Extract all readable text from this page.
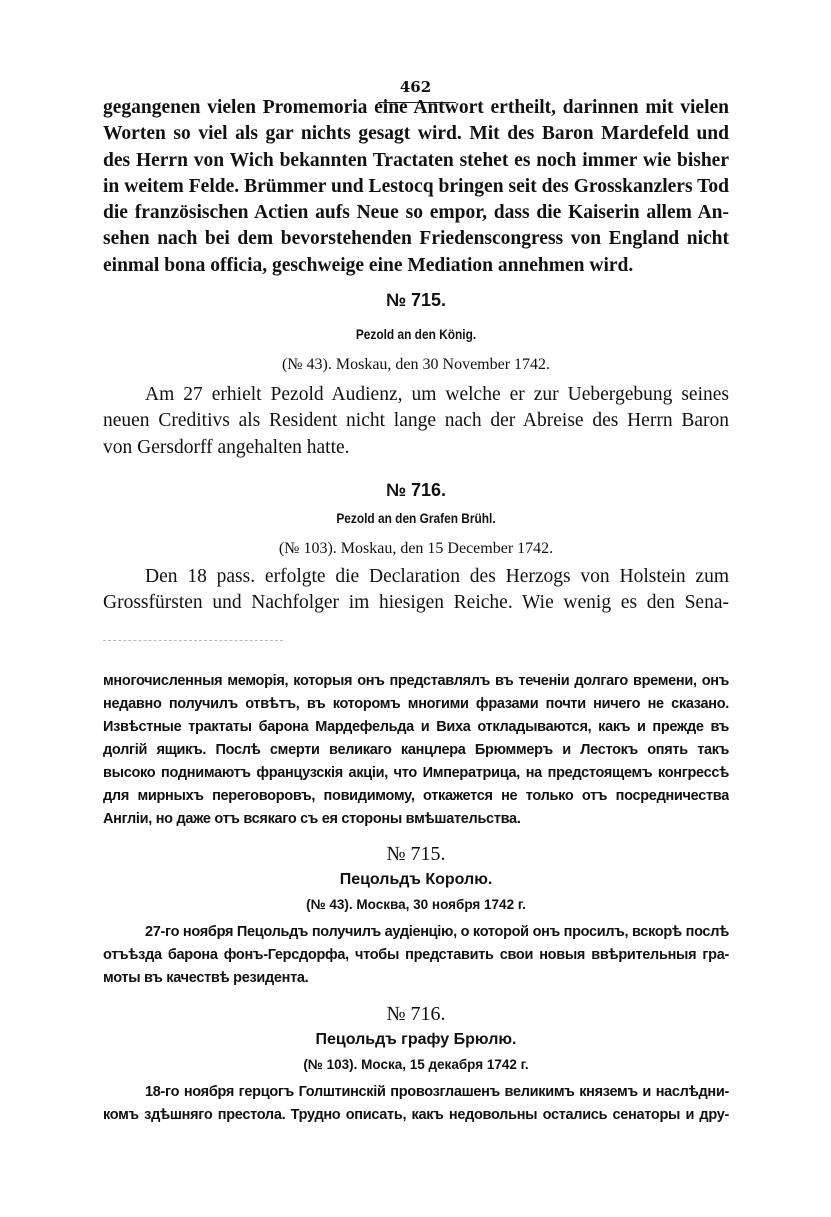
462
gegangenen vielen Promemoria eine Antwort ertheilt, darinnen mit vielen
Worten so viel als gar nichts gesagt wird. Mit des Baron Mardefeld und
des Herrn von Wich bekannten Tractaten stehet es noch immer wie bisher
in weitem Felde. Brümmer und Lestocq bringen seit des Grosskanzlers Tod
die französischen Actien aufs Neue so empor, dass die Kaiserin allem An-
sehen nach bei dem bevorstehenden Friedenscongress von England nicht
einmal bona officia, geschweige eine Mediation annehmen wird.
№ 715.
Pezold an den König.
(№ 43). Moskau, den 30 November 1742.
Am 27 erhielt Pezold Audienz, um welche er zur Uebergebung seines
neuen Creditivs als Resident nicht lange nach der Abreise des Herrn Baron
von Gersdorff angehalten hatte.
№ 716.
Pezold an den Grafen Brühl.
(№ 103). Moskau, den 15 December 1742.
Den 18 pass. erfolgte die Declaration des Herzogs von Holstein zum
Grossfürsten und Nachfolger im hiesigen Reiche. Wie wenig es den Sena-
многочисленныя меморія, которыя онъ представлялъ въ теченіи долгаго времени, онъ
недавно получилъ отвѣтъ, въ которомъ многими фразами почти ничего не сказано.
Извѣстные трактаты барона Мардефельда и Виха откладываются, какъ и прежде въ
долгій ящикъ. Послѣ смерти великаго канцлера Брюммеръ и Лестокъ опять такъ
высоко поднимаютъ французскія акціи, что Императрица, на предстоящемъ конгрессѣ
для мирныхъ переговоровъ, повидимому, откажется не только отъ посредничества
Англіи, но даже отъ всякаго съ ея стороны вмѣшательства.
№ 715.
Пецольдъ Королю.
(№ 43). Москва, 30 ноября 1742 г.
27-го ноября Пецольдъ получилъ аудіенцію, о которой онъ просилъ, вскорѣ послѣ
отъѣзда барона фонъ-Герсдорфа, чтобы представить свои новыя ввѣрительныя гра-
моты въ качествѣ резидента.
№ 716.
Пецольдъ графу Брюлю.
(№ 103). Моска, 15 декабря 1742 г.
18-го ноября герцогъ Голштинскій провозглашенъ великимъ княземъ и наслѣдни-
комъ здѣшняго престола. Трудно описать, какъ недовольны остались сенаторы и дру-
